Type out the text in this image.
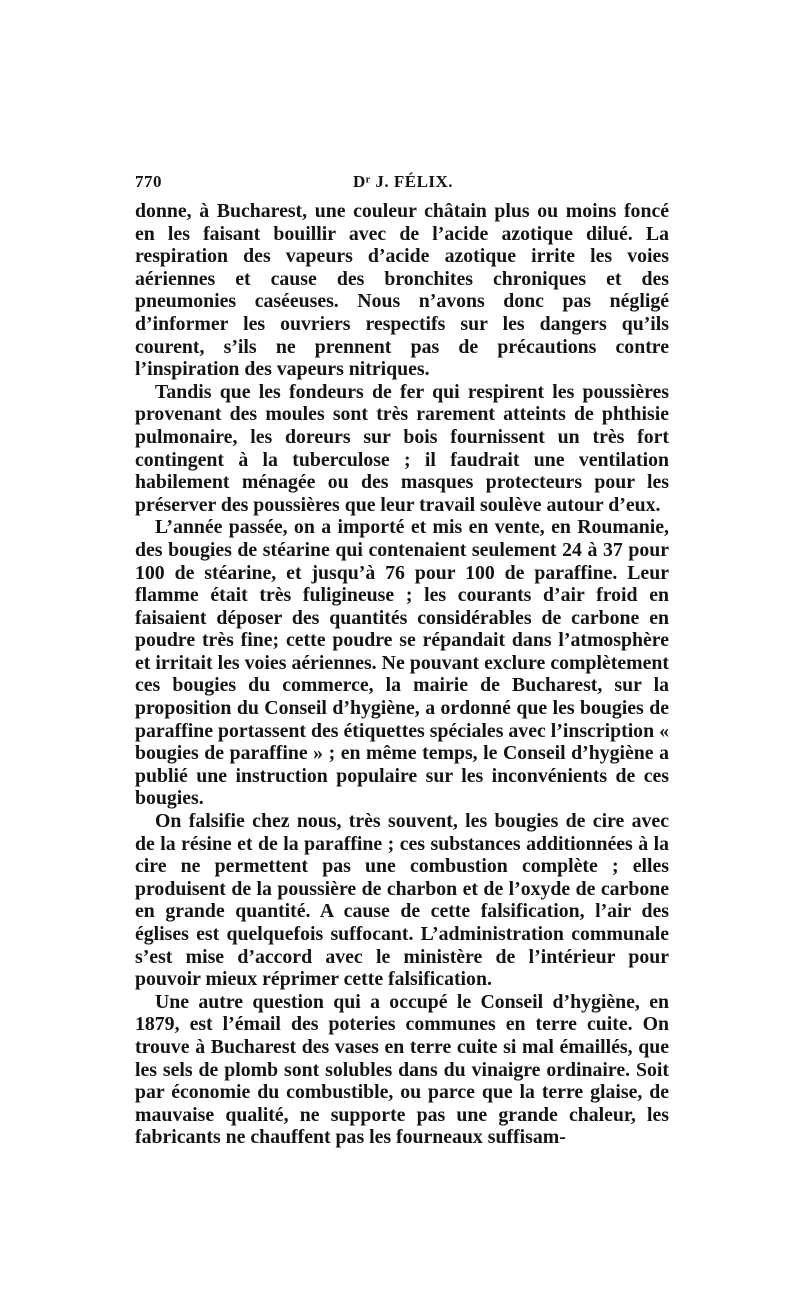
770	Dʳ J. FÉLIX.

donne, à Bucharest, une couleur châtain plus ou moins foncé en les faisant bouillir avec de l’acide azotique dilué. La respiration des vapeurs d’acide azotique irrite les voies aériennes et cause des bronchites chroniques et des pneumonies caséeuses. Nous n’avons donc pas négligé d’informer les ouvriers respectifs sur les dangers qu’ils courent, s’ils ne prennent pas de précautions contre l’inspiration des vapeurs nitriques.

Tandis que les fondeurs de fer qui respirent les poussières provenant des moules sont très rarement atteints de phthisie pulmonaire, les doreurs sur bois fournissent un très fort contingent à la tuberculose ; il faudrait une ventilation habilement ménagée ou des masques protecteurs pour les préserver des poussières que leur travail soulève autour d’eux.

L’année passée, on a importé et mis en vente, en Roumanie, des bougies de stéarine qui contenaient seulement 24 à 37 pour 100 de stéarine, et jusqu’à 76 pour 100 de paraffine. Leur flamme était très fuligineuse ; les courants d’air froid en faisaient déposer des quantités considérables de carbone en poudre très fine; cette poudre se répandait dans l’atmosphère et irritait les voies aériennes. Ne pouvant exclure complètement ces bougies du commerce, la mairie de Bucharest, sur la proposition du Conseil d’hygiène, a ordonné que les bougies de paraffine portassent des étiquettes spéciales avec l’inscription « bougies de paraffine » ; en même temps, le Conseil d’hygiène a publié une instruction populaire sur les inconvénients de ces bougies.

On falsifie chez nous, très souvent, les bougies de cire avec de la résine et de la paraffine ; ces substances additionnées à la cire ne permettent pas une combustion complète ; elles produisent de la poussière de charbon et de l’oxyde de carbone en grande quantité. A cause de cette falsification, l’air des églises est quelquefois suffocant. L’administration communale s’est mise d’accord avec le ministère de l’intérieur pour pouvoir mieux réprimer cette falsification.

Une autre question qui a occupé le Conseil d’hygiène, en 1879, est l’émail des poteries communes en terre cuite. On trouve à Bucharest des vases en terre cuite si mal émaillés, que les sels de plomb sont solubles dans du vinaigre ordinaire. Soit par économie du combustible, ou parce que la terre glaise, de mauvaise qualité, ne supporte pas une grande chaleur, les fabricants ne chauffent pas les fourneaux suffisam-
